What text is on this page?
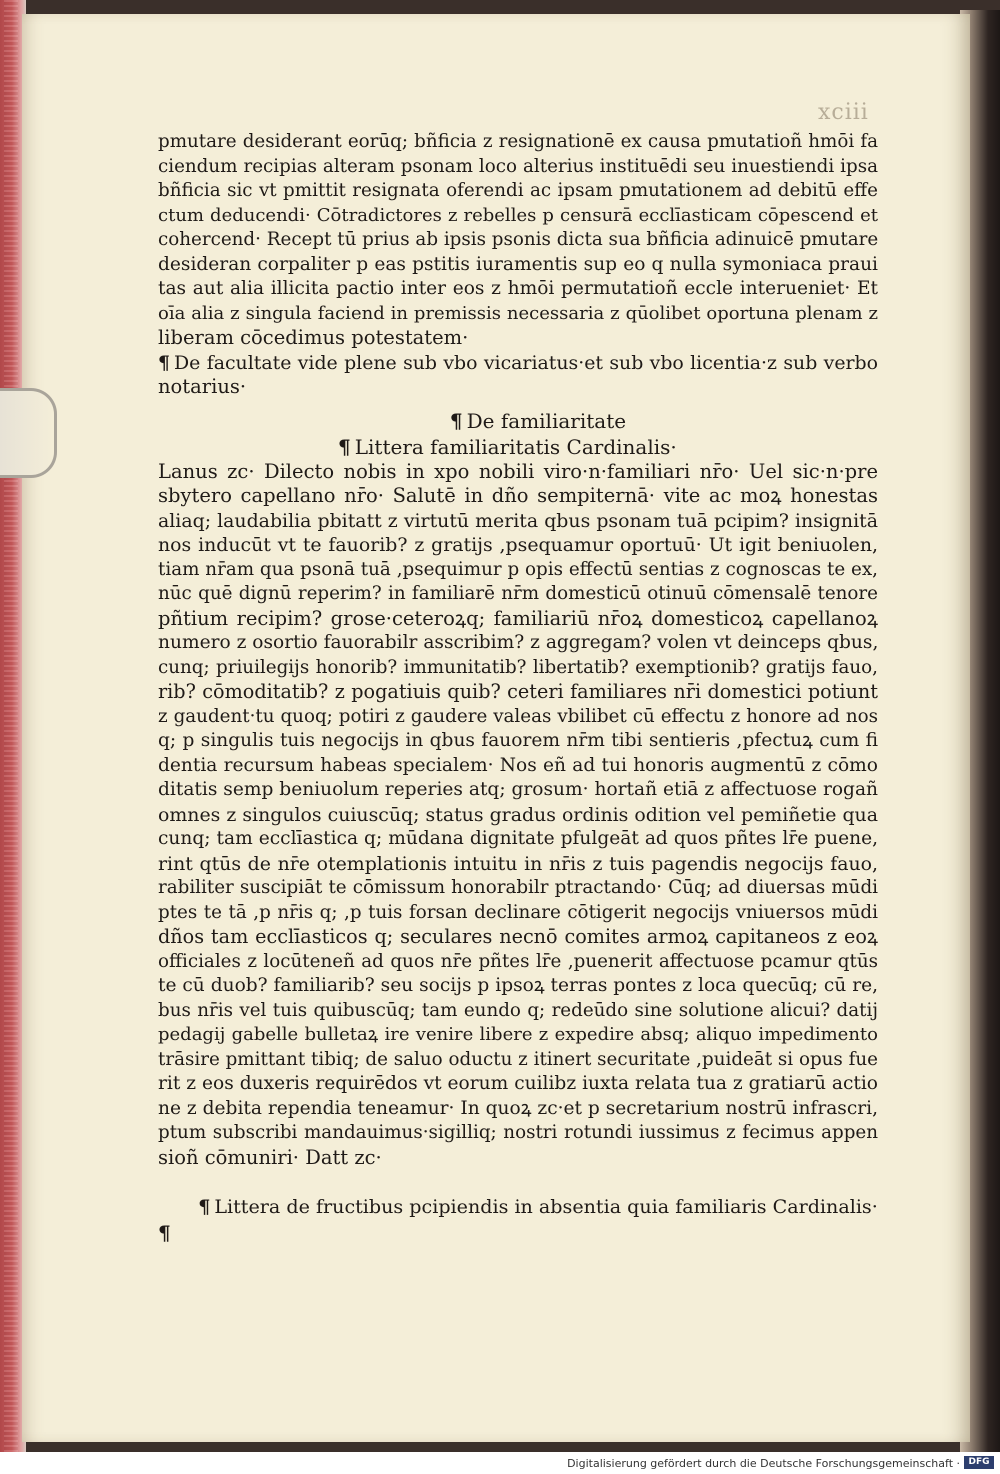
xciii
pmutare desiderant eorūq; bñficia z resignationē ex causa pmutatioñ hmōi fa
ciendum recipias alteram psonam loco alterius instituēdi seu inuestiendi ipsa
bñficia sic vt pmittit resignata oferendi ac ipsam pmutationem ad debitū effe
ctum deducendi· Cōtradictores z rebelles p censurā ecclīasticam cōpescend et
cohercend· Recept tū prius ab ipsis psonis dicta sua bñficia adinuicē pmutare
desideran corpaliter p eas pstitis iuramentis sup eo q nulla symoniaca praui
tas aut alia illicita pactio inter eos z hmōi permutatioñ eccle interueniet· Et
oīa alia z singula faciend in premissis necessaria z qūolibet oportuna plenam z
liberam cōcedimus potestatem·
¶ De facultate vide plene sub vbo vicariatus·et sub vbo licentia·z sub verbo
notarius·
¶ De familiaritate
¶ Littera familiaritatis Cardinalis·
Lanus zc· Dilecto nobis in xpo nobili viro·n·familiari nr̄o· Uel sic·n·pre
sbytero capellano nr̄o· Salutē in dño sempiternā· vite ac moꝝ honestas
aliaq; laudabilia pbitatt z virtutū merita qbus psonam tuā pcipim? insignitā
nos inducūt vt te fauorib? z gratijs ,psequamur oportuū· Ut igit beniuolen,
tiam nr̄am qua psonā tuā ,psequimur p opis effectū sentias z cognoscas te ex,
nūc quē dignū reperim? in familiarē nr̄m domesticū otinuū cōmensalē tenore
pñtium recipim? grose·ceteroꝝq; familiariū nr̄oꝝ domesticoꝝ capellanoꝝ
numero z osortio fauorabilr asscribim? z aggregam? volen vt deinceps qbus,
cunq; priuilegijs honorib? immunitatib? libertatib? exemptionib? gratijs fauo,
rib? cōmoditatib? z pogatiuis quib? ceteri familiares nr̄i domestici potiunt
z gaudent·tu quoq; potiri z gaudere valeas vbilibet cū effectu z honore ad nos
q; p singulis tuis negocijs in qbus fauorem nr̄m tibi sentieris ,pfectuꝝ cum fi
dentia recursum habeas specialem· Nos eñ ad tui honoris augmentū z cōmo
ditatis semp beniuolum reperies atq; grosum· hortañ etiā z affectuose rogañ
omnes z singulos cuiuscūq; status gradus ordinis odition vel pemiñetie qua
cunq; tam ecclīastica q; mūdana dignitate pfulgeāt ad quos pñtes lr̄e puene,
rint qtūs de nr̄e otemplationis intuitu in nr̄is z tuis pagendis negocijs fauo,
rabiliter suscipiāt te cōmissum honorabilr ptractando· Cūq; ad diuersas mūdi
ptes te tā ,p nr̄is q; ,p tuis forsan declinare cōtigerit negocijs vniuersos mūdi
dños tam ecclīasticos q; seculares necnō comites armoꝝ capitaneos z eoꝝ
officiales z locūteneñ ad quos nr̄e pñtes lr̄e ,puenerit affectuose pcamur qtūs
te cū duob? familiarib? seu socijs p ipsoꝝ terras pontes z loca quecūq; cū re,
bus nr̄is vel tuis quibuscūq; tam eundo q; redeūdo sine solutione alicui? datij
pedagij gabelle bulletaꝝ ire venire libere z expedire absq; aliquo impedimento
trāsire pmittant tibiq; de saluo oductu z itinert securitate ,puideāt si opus fue
rit z eos duxeris requirēdos vt eorum cuilibz iuxta relata tua z gratiarū actio
ne z debita rependia teneamur· In quoꝝ zc·et p secretarium nostrū infrascri,
ptum subscribi mandauimus·sigilliq; nostri rotundi iussimus z fecimus appen
sioñ cōmuniri· Datt zc·
¶ Littera de fructibus pcipiendis in absentia quia familiaris Cardinalis·
¶
Digitalisierung gefördert durch die Deutsche Forschungsgemeinschaft · DFG
